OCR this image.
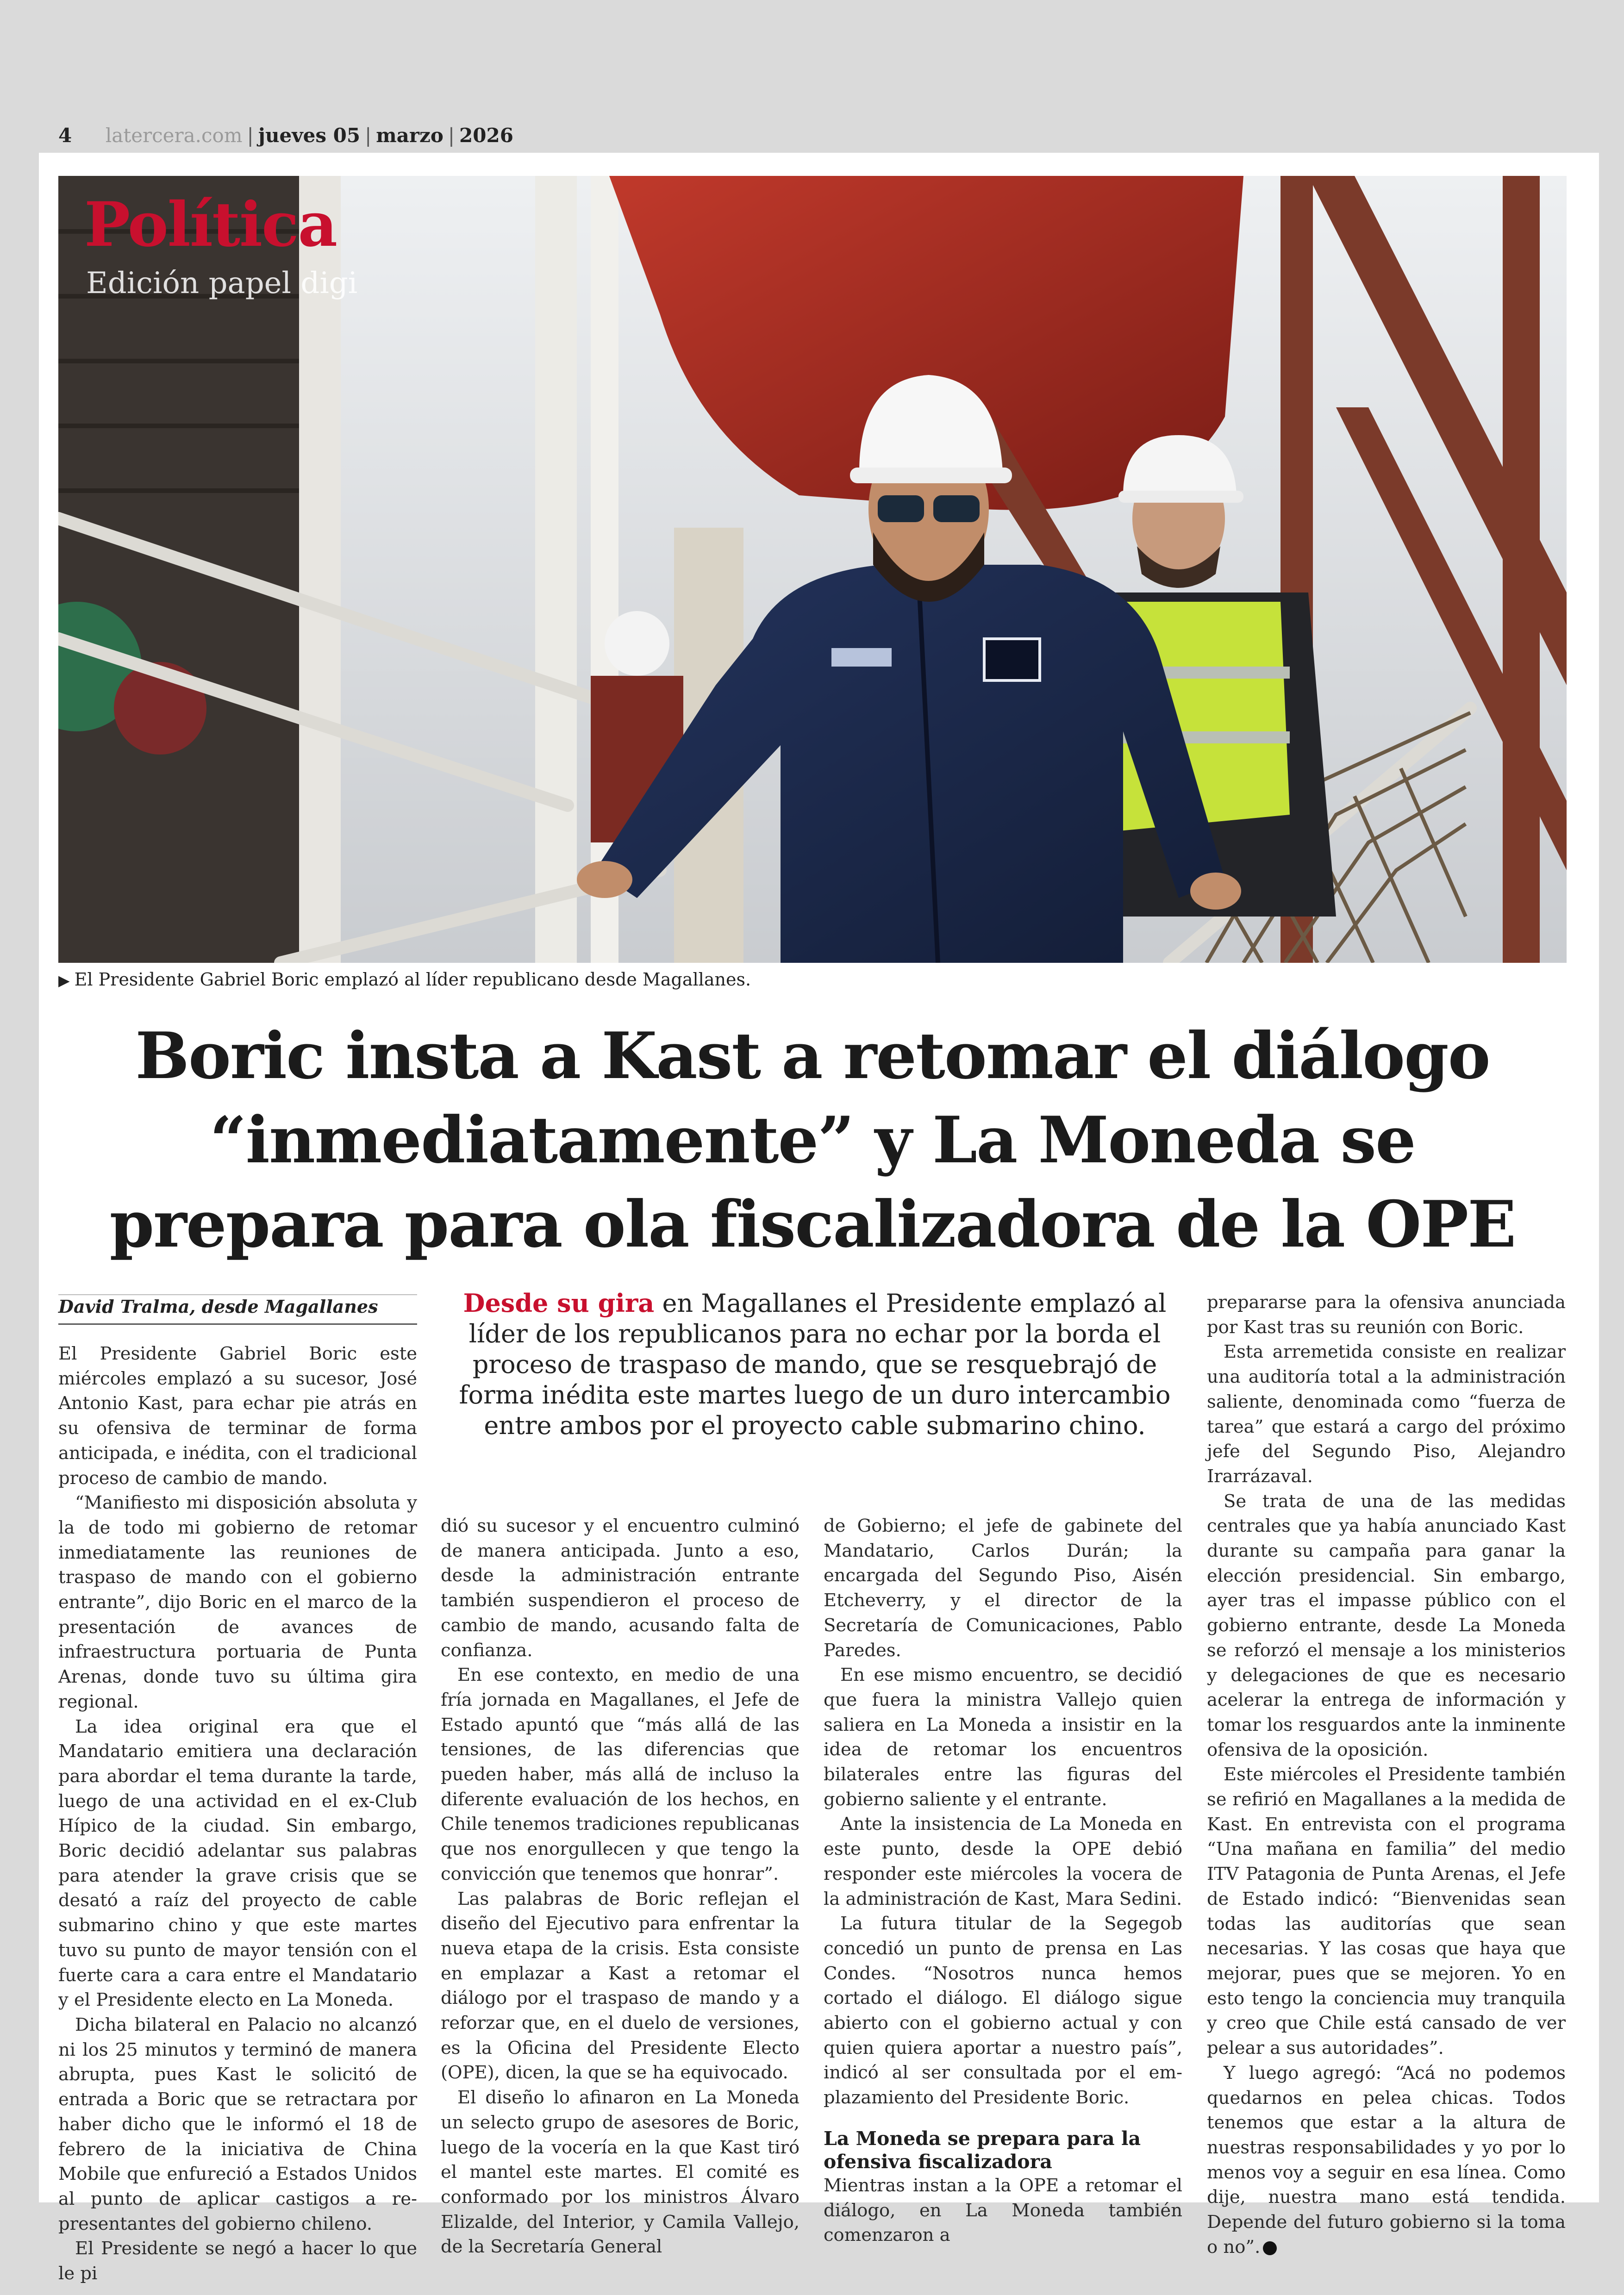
4 latercera.com | jueves 05 | marzo | 2026
Política
Edición papel digi
▶ El Presidente Gabriel Boric emplazó al líder republicano desde Magallanes.
Boric insta a Kast a retomar el diálogo
“inmediatamente” y La Moneda se
prepara para ola fiscalizadora de la OPE
David Tralma, desde Magallanes	Desde su gira en Magallanes el Presidente emplazó al líder de los republicanos para no echar por la borda el proceso de traspaso de mando, que se resquebrajó de forma inédita este martes luego de un duro intercambio entre ambos por el proyecto cable submarino chino.

El Presidente Gabriel Boric este miércoles emplazó a su sucesor, José Antonio Kast, para echar pie atrás en su ofensiva de terminar de forma anticipada, e inédita, con el tradicional proceso de cambio de mando.

“Manifiesto mi disposición absoluta y la de todo mi gobierno de retomar inmediatamente las reuniones de traspaso de mando con el gobierno entrante”, dijo Boric en el marco de la presentación de avances de infraestructura portuaria de Punta Arenas, donde tuvo su última gira regional.

La idea original era que el Mandatario emitiera una declaración para abordar el tema durante la tarde, luego de una actividad en el ex-Club Hípico de la ciudad. Sin embargo, Boric decidió adelantar sus palabras para atender la grave crisis que se desató a raíz del proyecto de cable submarino chino y que este martes tuvo su punto de mayor tensión con el fuerte cara a cara entre el Mandatario y el Presidente electo en La Moneda.

Dicha bilateral en Palacio no alcanzó ni los 25 minutos y terminó de manera abrupta, pues Kast le solicitó de entrada a Boric que se retractara por haber dicho que le informó el 18 de febrero de la iniciativa de China Mobile que enfureció a Estados Unidos al punto de aplicar castigos a representantes del gobierno chileno.

El Presidente se negó a hacer lo que le pi

dió su sucesor y el encuentro culminó de manera anticipada. Junto a eso, desde la administración entrante también suspendieron el proceso de cambio de mando, acusando falta de confianza.

En ese contexto, en medio de una fría jornada en Magallanes, el Jefe de Estado apuntó que “más allá de las tensiones, de las diferencias que pueden haber, más allá de incluso la diferente evaluación de los hechos, en Chile tenemos tradiciones republicanas que nos enorgullecen y que tengo la convicción que tenemos que honrar”.

Las palabras de Boric reflejan el diseño del Ejecutivo para enfrentar la nueva etapa de la crisis. Esta consiste en emplazar a Kast a retomar el diálogo por el traspaso de mando y a reforzar que, en el duelo de versiones, es la Oficina del Presidente Electo (OPE), dicen, la que se ha equivocado.

El diseño lo afinaron en La Moneda un selecto grupo de asesores de Boric, luego de la vocería en la que Kast tiró el mantel este martes. El comité es conformado por los ministros Álvaro Elizalde, del Interior, y Camila Vallejo, de la Secretaría General

de Gobierno; el jefe de gabinete del Mandatario, Carlos Durán; la encargada del Segundo Piso, Aisén Etcheverry, y el director de la Secretaría de Comunicaciones, Pablo Paredes.

En ese mismo encuentro, se decidió que fuera la ministra Vallejo quien saliera en La Moneda a insistir en la idea de retomar los encuentros bilaterales entre las figuras del gobierno saliente y el entrante.

Ante la insistencia de La Moneda en este punto, desde la OPE debió responder este miércoles la vocera de la administración de Kast, Mara Sedini.

La futura titular de la Segegob concedió un punto de prensa en Las Condes. “Nosotros nunca hemos cortado el diálogo. El diálogo sigue abierto con el gobierno actual y con quien quiera aportar a nuestro país”, indicó al ser consultada por el emplazamiento del Presidente Boric.

La Moneda se prepara para la ofensiva fiscalizadora

Mientras instan a la OPE a retomar el diálogo, en La Moneda también comenzaron a

prepararse para la ofensiva anunciada por Kast tras su reunión con Boric.

Esta arremetida consiste en realizar una auditoría total a la administración saliente, denominada como “fuerza de tarea” que estará a cargo del próximo jefe del Segundo Piso, Alejandro Irarrázaval.

Se trata de una de las medidas centrales que ya había anunciado Kast durante su campaña para ganar la elección presidencial. Sin embargo, ayer tras el impasse público con el gobierno entrante, desde La Moneda se reforzó el mensaje a los ministerios y delegaciones de que es necesario acelerar la entrega de información y tomar los resguardos ante la inminente ofensiva de la oposición.

Este miércoles el Presidente también se refirió en Magallanes a la medida de Kast. En entrevista con el programa “Una mañana en familia” del medio ITV Patagonia de Punta Arenas, el Jefe de Estado indicó: “Bienvenidas sean todas las auditorías que sean necesarias. Y las cosas que haya que mejorar, pues que se mejoren. Yo en esto tengo la conciencia muy tranquila y creo que Chile está cansado de ver pelear a sus autoridades”.

Y luego agregó: “Acá no podemos quedarnos en pelea chicas. Todos tenemos que estar a la altura de nuestras responsabilidades y yo por lo menos voy a seguir en esa línea. Como dije, nuestra mano está tendida. Depende del futuro gobierno si la toma o no”.
